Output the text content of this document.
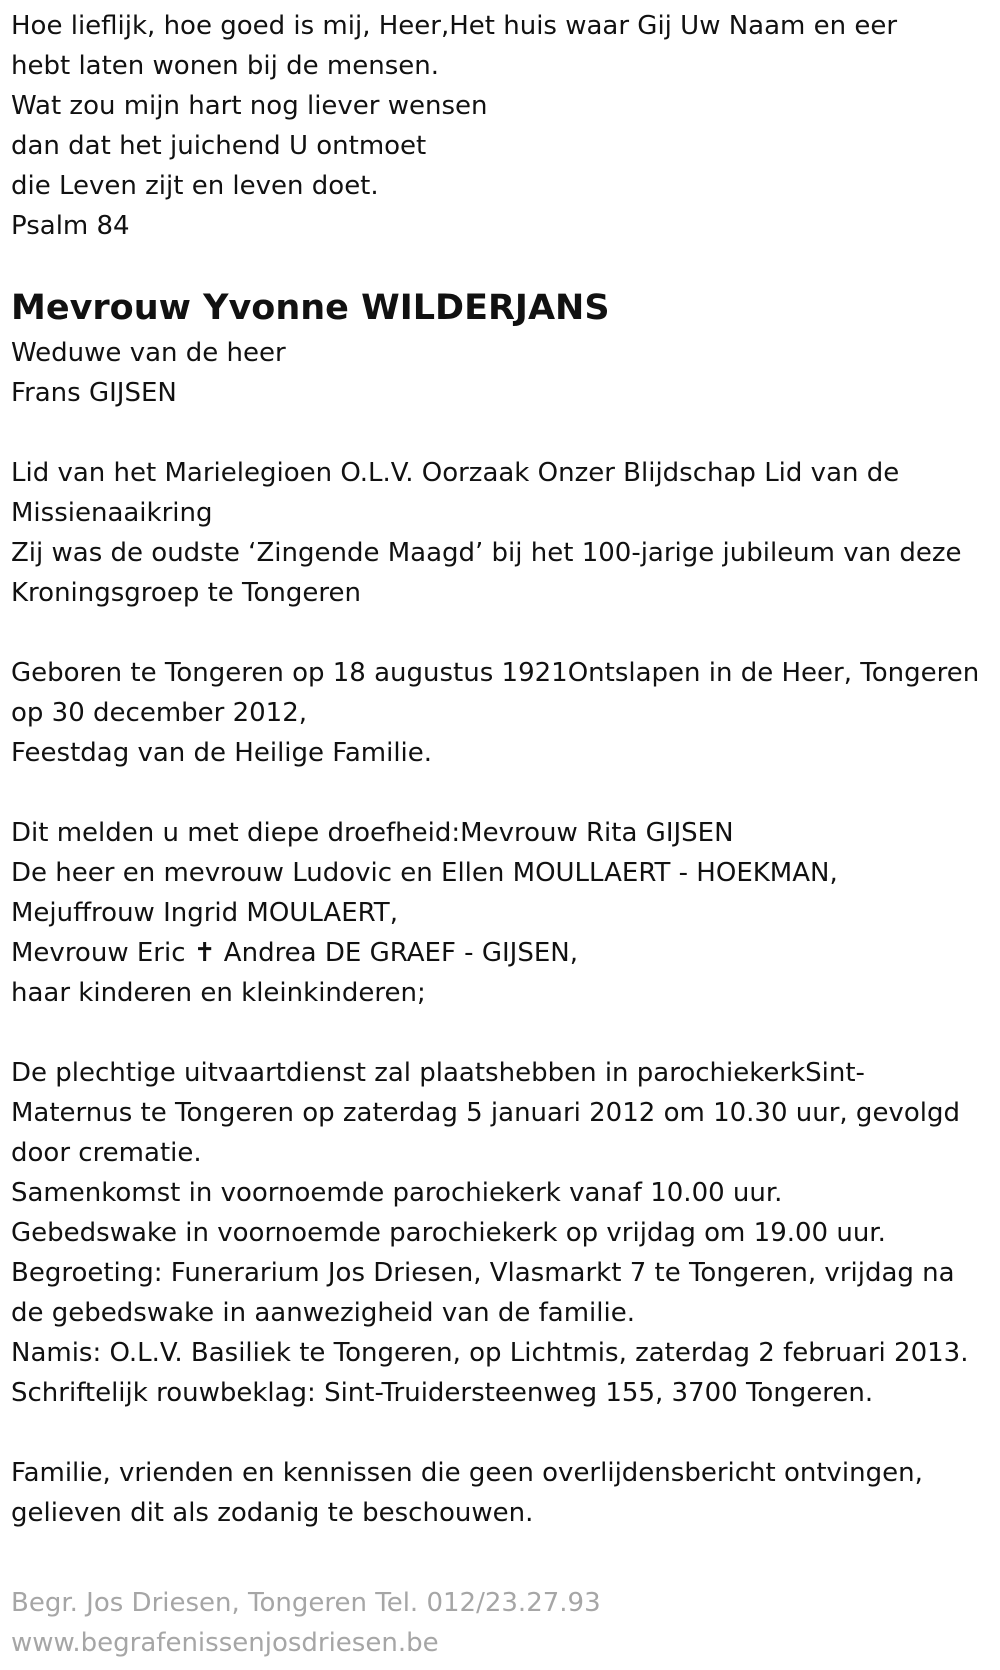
Hoe lieflijk, hoe goed is mij, Heer,Het huis waar Gij Uw Naam en eer
hebt laten wonen bij de mensen.
Wat zou mijn hart nog liever wensen
dan dat het juichend U ontmoet
die Leven zijt en leven doet.
Psalm 84
Mevrouw Yvonne WILDERJANS
Weduwe van de heer
Frans GIJSEN
Lid van het Marielegioen O.L.V. Oorzaak Onzer Blijdschap Lid van de
Missienaaikring
Zij was de oudste ‘Zingende Maagd’ bij het 100-jarige jubileum van deze
Kroningsgroep te Tongeren
Geboren te Tongeren op 18 augustus 1921Ontslapen in de Heer, Tongeren
op 30 december 2012,
Feestdag van de Heilige Familie.
Dit melden u met diepe droefheid:Mevrouw Rita GIJSEN
De heer en mevrouw Ludovic en Ellen MOULLAERT - HOEKMAN,
Mejuffrouw Ingrid MOULAERT,
Mevrouw Eric ✝ Andrea DE GRAEF - GIJSEN,
haar kinderen en kleinkinderen;
De plechtige uitvaartdienst zal plaatshebben in parochiekerkSint-
Maternus te Tongeren op zaterdag 5 januari 2012 om 10.30 uur, gevolgd
door crematie.
Samenkomst in voornoemde parochiekerk vanaf 10.00 uur.
Gebedswake in voornoemde parochiekerk op vrijdag om 19.00 uur.
Begroeting: Funerarium Jos Driesen, Vlasmarkt 7 te Tongeren, vrijdag na
de gebedswake in aanwezigheid van de familie.
Namis: O.L.V. Basiliek te Tongeren, op Lichtmis, zaterdag 2 februari 2013.
Schriftelijk rouwbeklag: Sint-Truidersteenweg 155, 3700 Tongeren.
Familie, vrienden en kennissen die geen overlijdensbericht ontvingen,
gelieven dit als zodanig te beschouwen.
Begr. Jos Driesen, Tongeren Tel. 012/23.27.93
www.begrafenissenjosdriesen.be
